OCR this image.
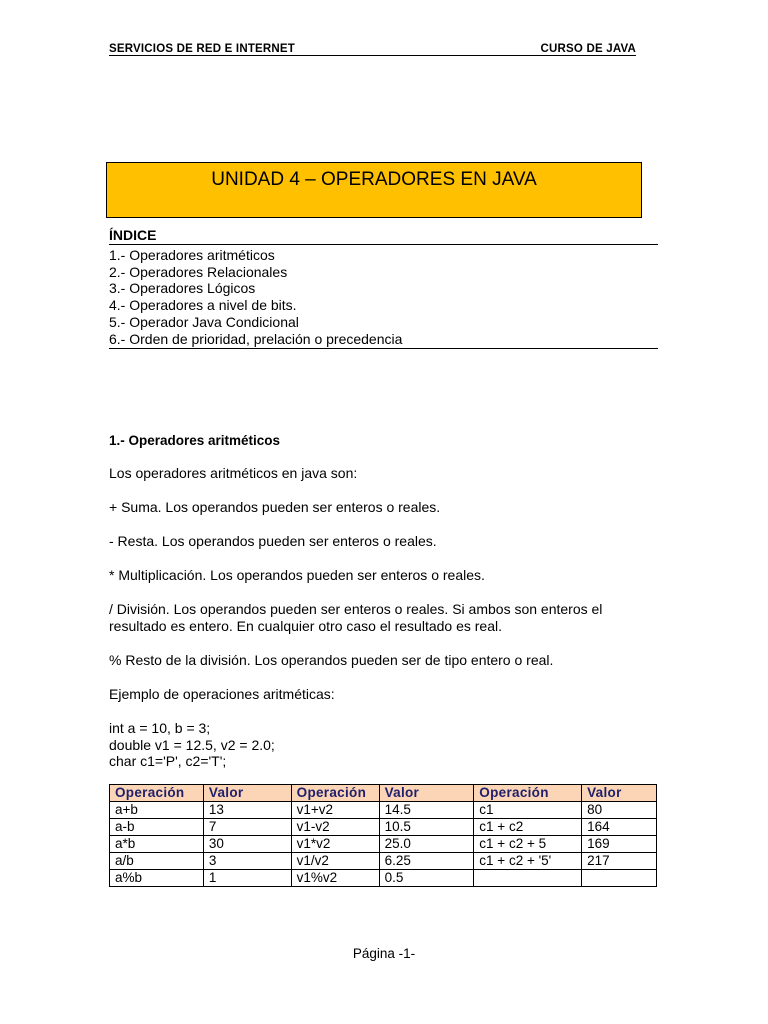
SERVICIOS DE RED E INTERNET	CURSO DE JAVA
UNIDAD 4 – OPERADORES EN JAVA
ÍNDICE
1.- Operadores aritméticos
2.- Operadores Relacionales
3.- Operadores Lógicos
4.- Operadores a nivel de bits.
5.- Operador Java Condicional
6.- Orden de prioridad, prelación o precedencia
1.- Operadores aritméticos

Los operadores aritméticos en java son:

+ Suma. Los operandos pueden ser enteros o reales.

- Resta. Los operandos pueden ser enteros o reales.

* Multiplicación. Los operandos pueden ser enteros o reales.

/ División. Los operandos pueden ser enteros o reales. Si ambos son enteros el resultado es entero. En cualquier otro caso el resultado es real.

% Resto de la división. Los operandos pueden ser de tipo entero o real.

Ejemplo de operaciones aritméticas:

int a = 10, b = 3;
double v1 = 12.5, v2 = 2.0;
char c1='P', c2='T';
Operación	Valor	Operación	Valor	Operación	Valor
a+b	13	v1+v2	14.5	c1	80
a-b	7	v1-v2	10.5	c1 + c2	164
a*b	30	v1*v2	25.0	c1 + c2 + 5	169
a/b	3	v1/v2	6.25	c1 + c2 + '5'	217
a%b	1	v1%v2	0.5		
Página -1-
